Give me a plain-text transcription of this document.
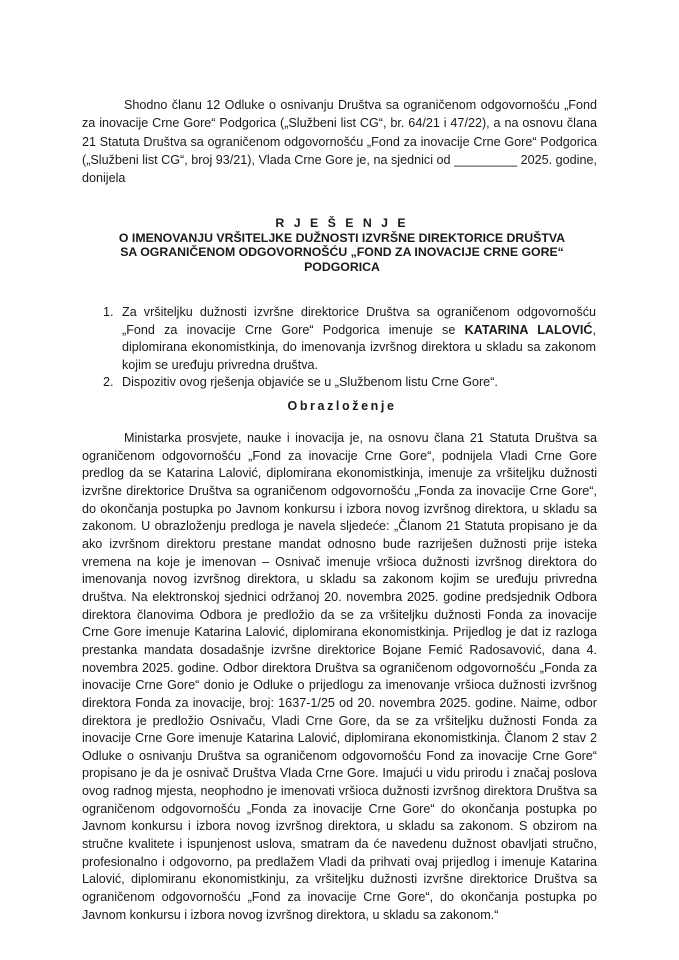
Shodno članu 12 Odluke o osnivanju Društva sa ograničenom odgovornošću „Fond za inovacije Crne Gore“ Podgorica („Službeni list CG“, br. 64/21 i 47/22), a na osnovu člana 21 Statuta Društva sa ograničenom odgovornošću „Fond za inovacije Crne Gore“ Podgorica („Službeni list CG“, broj 93/21), Vlada Crne Gore je, na sjednici od _________ 2025. godine, donijela

R J E Š E N J E
O IMENOVANJU VRŠITELJKE DUŽNOSTI IZVRŠNE DIREKTORICE DRUŠTVA
SA OGRANIČENOM ODGOVORNOŠĆU „FOND ZA INOVACIJE CRNE GORE“
PODGORICA
1. Za vršiteljku dužnosti izvršne direktorice Društva sa ograničenom odgovornošću „Fond za inovacije Crne Gore“ Podgorica imenuje se KATARINA LALOVIĆ, diplomirana ekonomistkinja, do imenovanja izvršnog direktora u skladu sa zakonom kojim se uređuju privredna društva.
2. Dispozitiv ovog rješenja objaviće se u „Službenom listu Crne Gore“.
Obrazloženje

Ministarka prosvjete, nauke i inovacija je, na osnovu člana 21 Statuta Društva sa ograničenom odgovornošću „Fond za inovacije Crne Gore“, podnijela Vladi Crne Gore predlog da se Katarina Lalović, diplomirana ekonomistkinja, imenuje za vršiteljku dužnosti izvršne direktorice Društva sa ograničenom odgovornošću „Fonda za inovacije Crne Gore“, do okončanja postupka po Javnom konkursu i izbora novog izvršnog direktora, u skladu sa zakonom. U obrazloženju predloga je navela sljedeće: „Članom 21 Statuta propisano je da ako izvršnom direktoru prestane mandat odnosno bude razriješen dužnosti prije isteka vremena na koje je imenovan – Osnivač imenuje vršioca dužnosti izvršnog direktora do imenovanja novog izvršnog direktora, u skladu sa zakonom kojim se uređuju privredna društva. Na elektronskoj sjednici održanoj 20. novembra 2025. godine predsjednik Odbora direktora članovima Odbora je predložio da se za vršiteljku dužnosti Fonda za inovacije Crne Gore imenuje Katarina Lalović, diplomirana ekonomistkinja. Prijedlog je dat iz razloga prestanka mandata dosadašnje izvršne direktorice Bojane Femić Radosavović, dana 4. novembra 2025. godine. Odbor direktora Društva sa ograničenom odgovornošću „Fonda za inovacije Crne Gore“ donio je Odluke o prijedlogu za imenovanje vršioca dužnosti izvršnog direktora Fonda za inovacije, broj: 1637-1/25 od 20. novembra 2025. godine. Naime, odbor direktora je predložio Osnivaču, Vladi Crne Gore, da se za vršiteljku dužnosti Fonda za inovacije Crne Gore imenuje Katarina Lalović, diplomirana ekonomistkinja. Članom 2 stav 2 Odluke o osnivanju Društva sa ograničenom odgovornošću Fond za inovacije Crne Gore“ propisano je da je osnivač Društva Vlada Crne Gore. Imajući u vidu prirodu i značaj poslova ovog radnog mjesta, neophodno je imenovati vršioca dužnosti izvršnog direktora Društva sa ograničenom odgovornošću „Fonda za inovacije Crne Gore“ do okončanja postupka po Javnom konkursu i izbora novog izvršnog direktora, u skladu sa zakonom. S obzirom na stručne kvalitete i ispunjenost uslova, smatram da će navedenu dužnost obavljati stručno, profesionalno i odgovorno, pa predlažem Vladi da prihvati ovaj prijedlog i imenuje Katarina Lalović, diplomiranu ekonomistkinju, za vršiteljku dužnosti izvršne direktorice Društva sa ograničenom odgovornošću „Fond za inovacije Crne Gore“, do okončanja postupka po Javnom konkursu i izbora novog izvršnog direktora, u skladu sa zakonom.“
